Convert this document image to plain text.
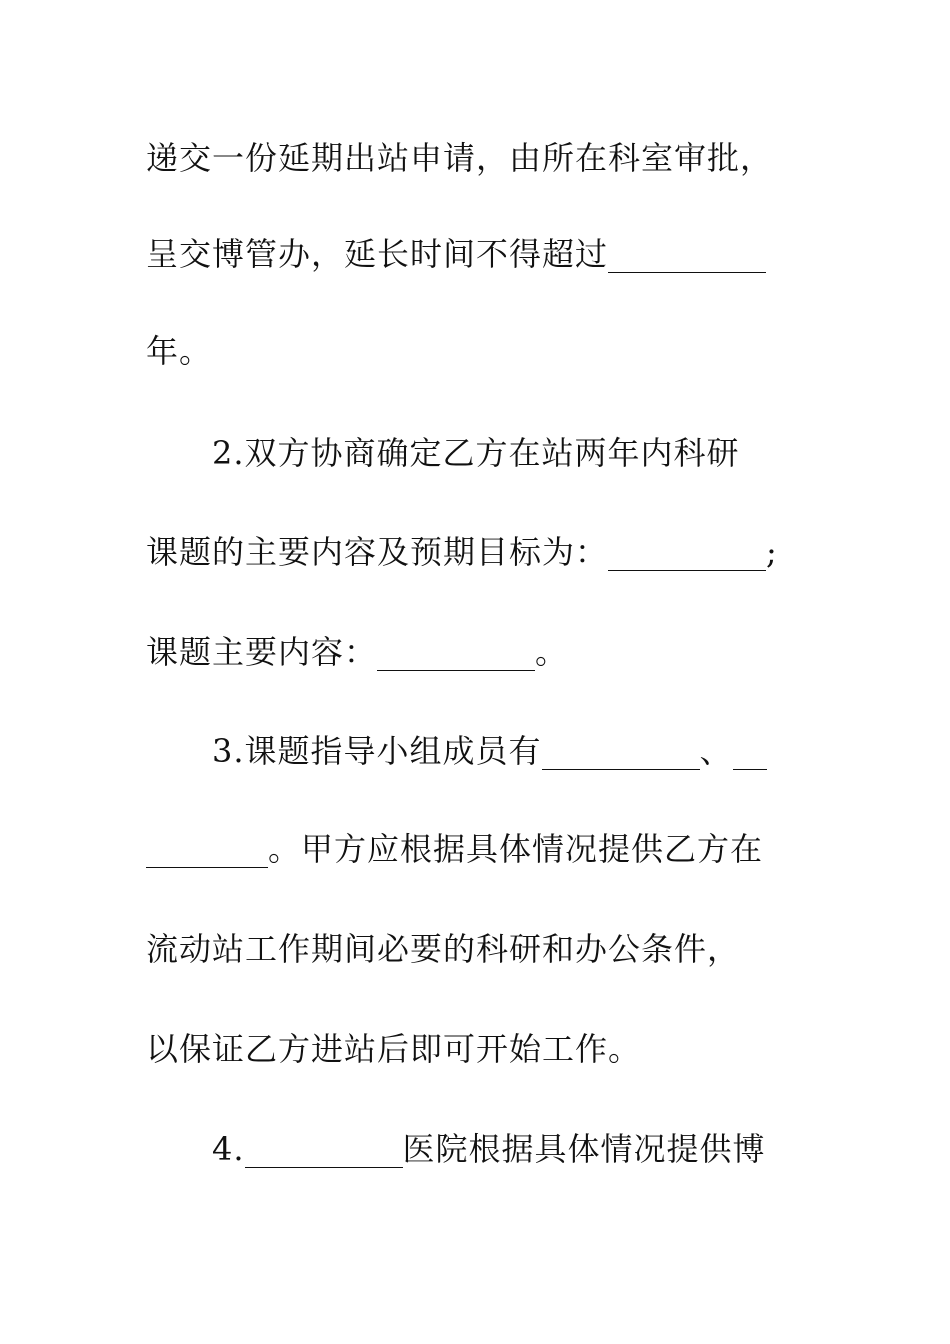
递交一份延期出站申请，由所在科室审批，
呈交博管办，延长时间不得超过
年。
2.双方协商确定乙方在站两年内科研
课题的主要内容及预期目标为：	;
课题主要内容：	。
3.课题指导小组成员有	、
。甲方应根据具体情况提供乙方在
流动站工作期间必要的科研和办公条件，
以保证乙方进站后即可开始工作。
4.	医院根据具体情况提供博
